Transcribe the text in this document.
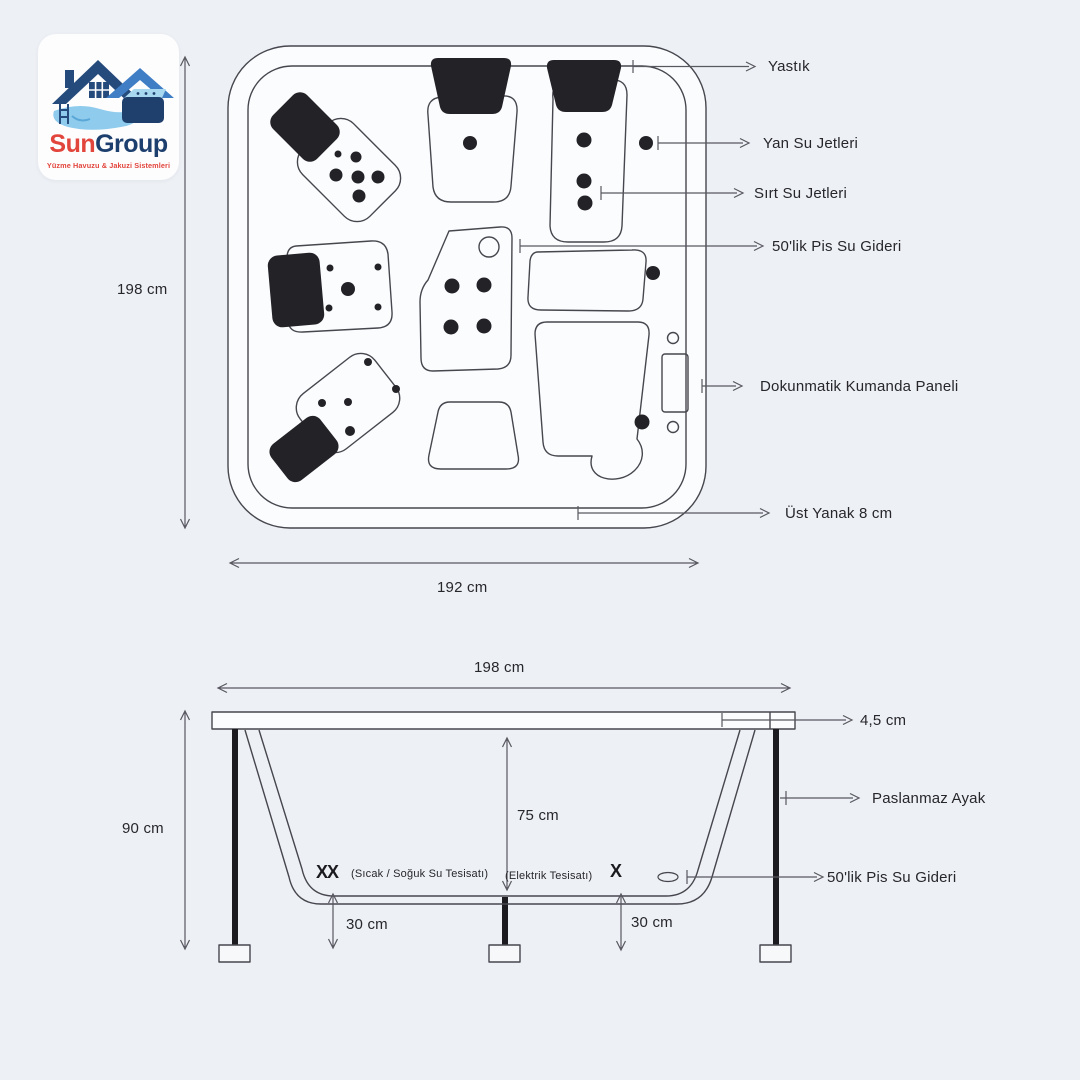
SunGroup
Yüzme Havuzu & Jakuzi Sistemleri
Yastık
Yan Su Jetleri
Sırt Su Jetleri
50'lik Pis Su Gideri
Dokunmatik Kumanda Paneli
Üst Yanak 8 cm
198 cm
192 cm
198 cm
4,5 cm
Paslanmaz Ayak
50'lik Pis Su Gideri
90 cm
75 cm
XX (Sıcak / Soğuk Su Tesisatı) (Elektrik Tesisatı) X
30 cm	30 cm
